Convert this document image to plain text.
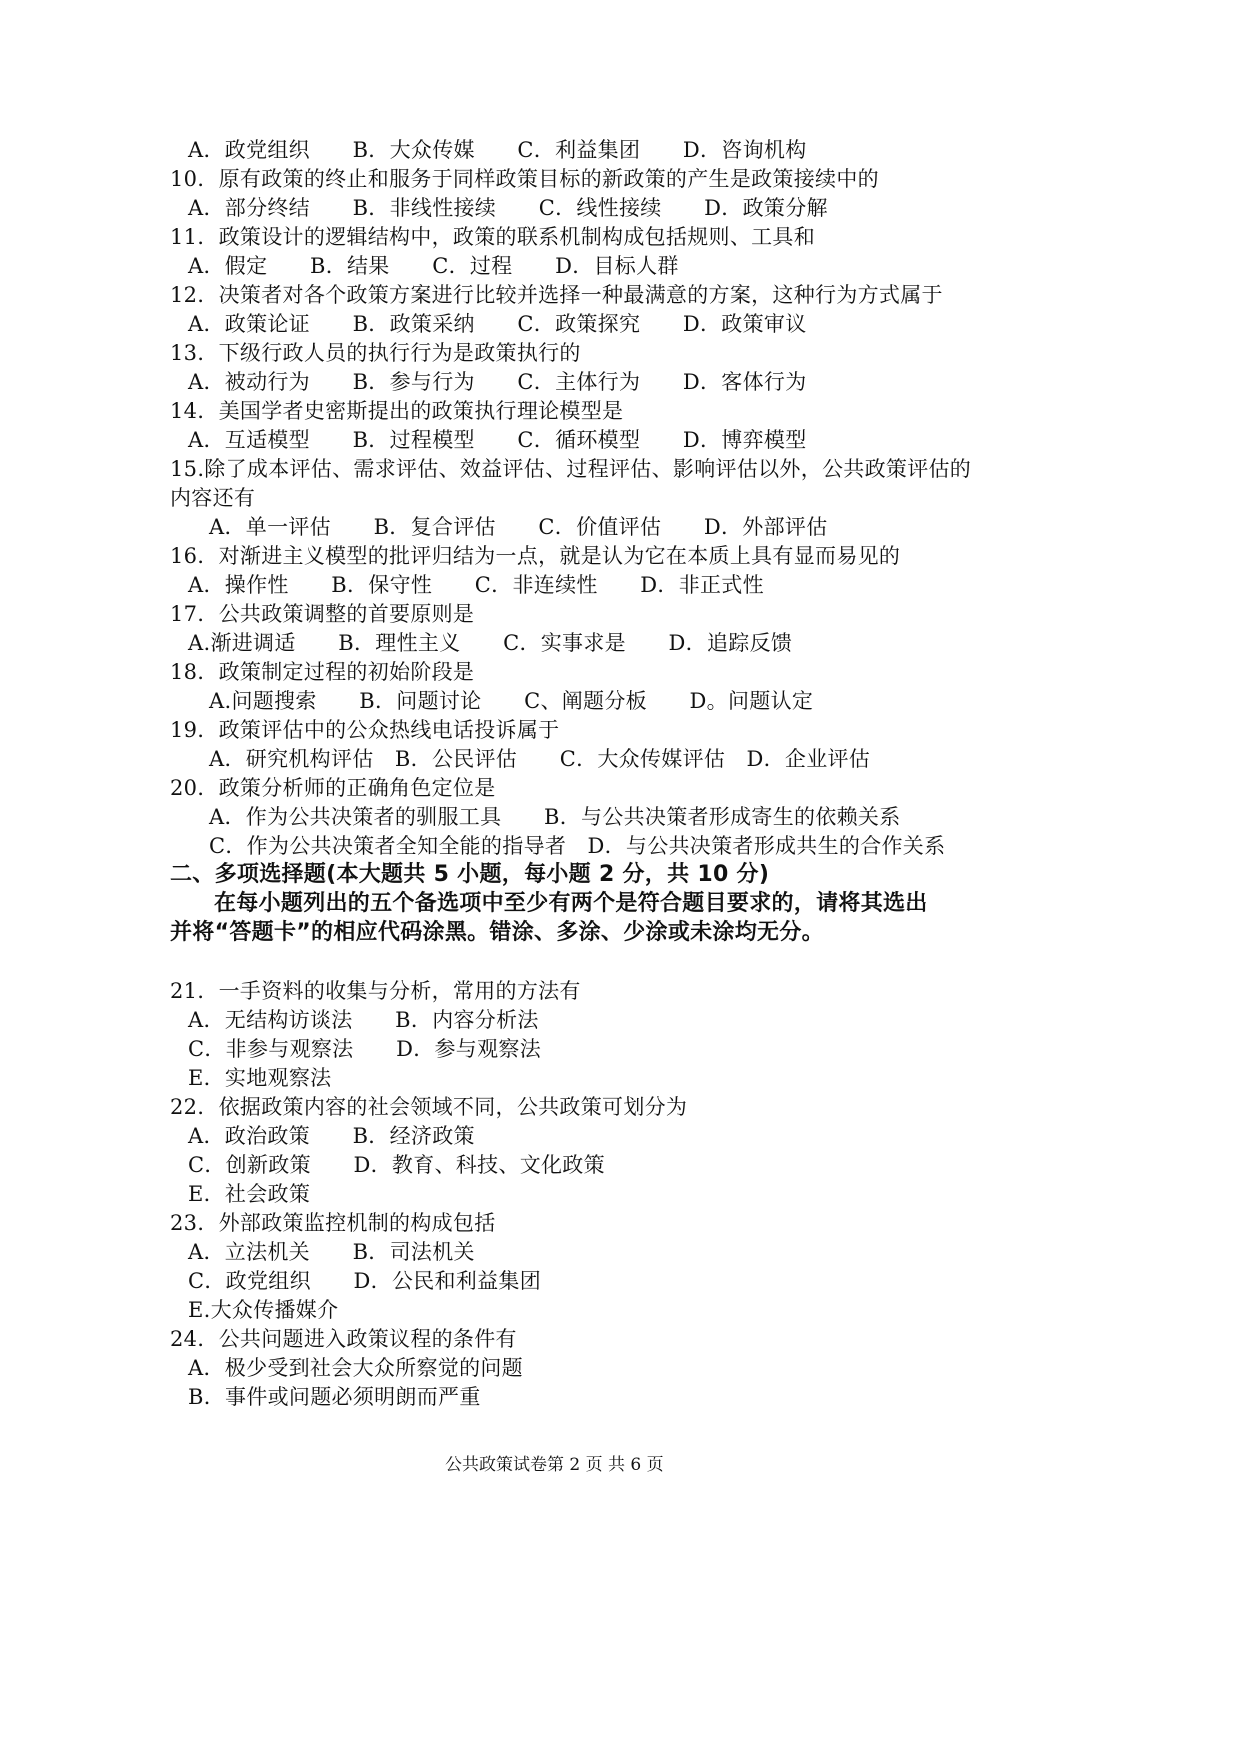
A．政党组织　　B．大众传媒　　C．利益集团　　D．咨询机构
10．原有政策的终止和服务于同样政策目标的新政策的产生是政策接续中的
A．部分终结　　B．非线性接续　　C．线性接续　　D．政策分解
11．政策设计的逻辑结构中，政策的联系机制构成包括规则、工具和
A．假定　　B．结果　　C．过程　　D．目标人群
12．决策者对各个政策方案进行比较并选择一种最满意的方案，这种行为方式属于
A．政策论证　　B．政策采纳　　C．政策探究　　D．政策审议
13．下级行政人员的执行行为是政策执行的
A．被动行为　　B．参与行为　　C．主体行为　　D．客体行为
14．美国学者史密斯提出的政策执行理论模型是
A．互适模型　　B．过程模型　　C．循环模型　　D．博弈模型
15.除了成本评估、需求评估、效益评估、过程评估、影响评估以外，公共政策评估的
内容还有
A．单一评估　　B．复合评估　　C．价值评估　　D．外部评估
16．对渐进主义模型的批评归结为一点，就是认为它在本质上具有显而易见的
A．操作性　　B．保守性　　C．非连续性　　D．非正式性
17．公共政策调整的首要原则是
A.渐进调适　　B．理性主义　　C．实事求是　　D．追踪反馈
18．政策制定过程的初始阶段是
A.问题搜索　　B．问题讨论　　C、阐题分板　　D。问题认定
19．政策评估中的公众热线电话投诉属于
A．研究机构评估　B．公民评估　　C．大众传媒评估　D．企业评估
20．政策分析师的正确角色定位是
A．作为公共决策者的驯服工具　　B．与公共决策者形成寄生的依赖关系
C．作为公共决策者全知全能的指导者　D．与公共决策者形成共生的合作关系
二、多项选择题(本大题共 5 小题，每小题 2 分，共 10 分)
在每小题列出的五个备选项中至少有两个是符合题目要求的，请将其选出
并将“答题卡”的相应代码涂黑。错涂、多涂、少涂或未涂均无分。
21．一手资料的收集与分析，常用的方法有
A．无结构访谈法　　B．内容分析法
C．非参与观察法　　D．参与观察法
E．实地观察法
22．依据政策内容的社会领域不同，公共政策可划分为
A．政治政策　　B．经济政策
C．创新政策　　D．教育、科技、文化政策
E．社会政策
23．外部政策监控机制的构成包括
A．立法机关　　B．司法机关
C．政党组织　　D．公民和利益集团
E.大众传播媒介
24．公共问题进入政策议程的条件有
A．极少受到社会大众所察觉的问题
B．事件或问题必须明朗而严重
公共政策试卷第 2 页 共 6 页
